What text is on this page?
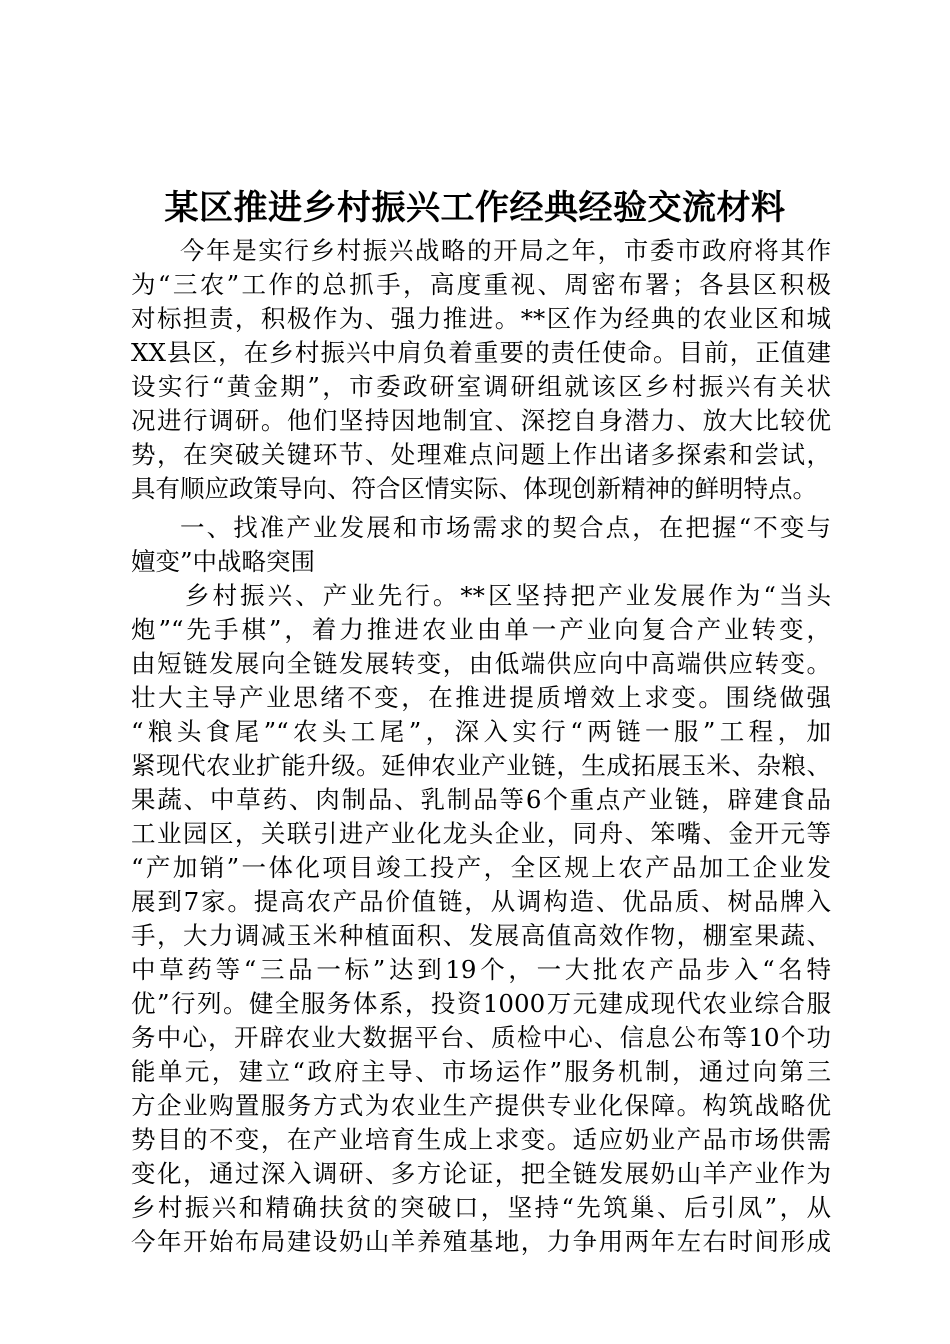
某区推进乡村振兴工作经典经验交流材料
今年是实行乡村振兴战略的开局之年，市委市政府将其作
为“三农”工作的总抓手，高度重视、周密布署；各县区积极
对标担责，积极作为、强力推进。**区作为经典的农业区和城
XX县区，在乡村振兴中肩负着重要的责任使命。目前，正值建
设实行“黄金期”，市委政研室调研组就该区乡村振兴有关状
况进行调研。他们坚持因地制宜、深挖自身潜力、放大比较优
势，在突破关键环节、处理难点问题上作出诸多探索和尝试，
具有顺应政策导向、符合区情实际、体现创新精神的鲜明特点。
一、找准产业发展和市场需求的契合点，在把握“不变与
嬗变”中战略突围
乡村振兴、产业先行。**区坚持把产业发展作为“当头
炮”“先手棋”，着力推进农业由单一产业向复合产业转变，
由短链发展向全链发展转变，由低端供应向中高端供应转变。
壮大主导产业思绪不变，在推进提质增效上求变。围绕做强
“粮头食尾”“农头工尾”，深入实行“两链一服”工程，加
紧现代农业扩能升级。延伸农业产业链，生成拓展玉米、杂粮、
果蔬、中草药、肉制品、乳制品等6个重点产业链，辟建食品
工业园区，关联引进产业化龙头企业，同舟、笨嘴、金开元等
“产加销”一体化项目竣工投产，全区规上农产品加工企业发
展到7家。提高农产品价值链，从调构造、优品质、树品牌入
手，大力调减玉米种植面积、发展高值高效作物，棚室果蔬、
中草药等“三品一标”达到19个，一大批农产品步入“名特
优”行列。健全服务体系，投资1000万元建成现代农业综合服
务中心，开辟农业大数据平台、质检中心、信息公布等10个功
能单元，建立“政府主导、市场运作”服务机制，通过向第三
方企业购置服务方式为农业生产提供专业化保障。构筑战略优
势目的不变，在产业培育生成上求变。适应奶业产品市场供需
变化，通过深入调研、多方论证，把全链发展奶山羊产业作为
乡村振兴和精确扶贫的突破口，坚持“先筑巢、后引凤”，从
今年开始布局建设奶山羊养殖基地，力争用两年左右时间形成
